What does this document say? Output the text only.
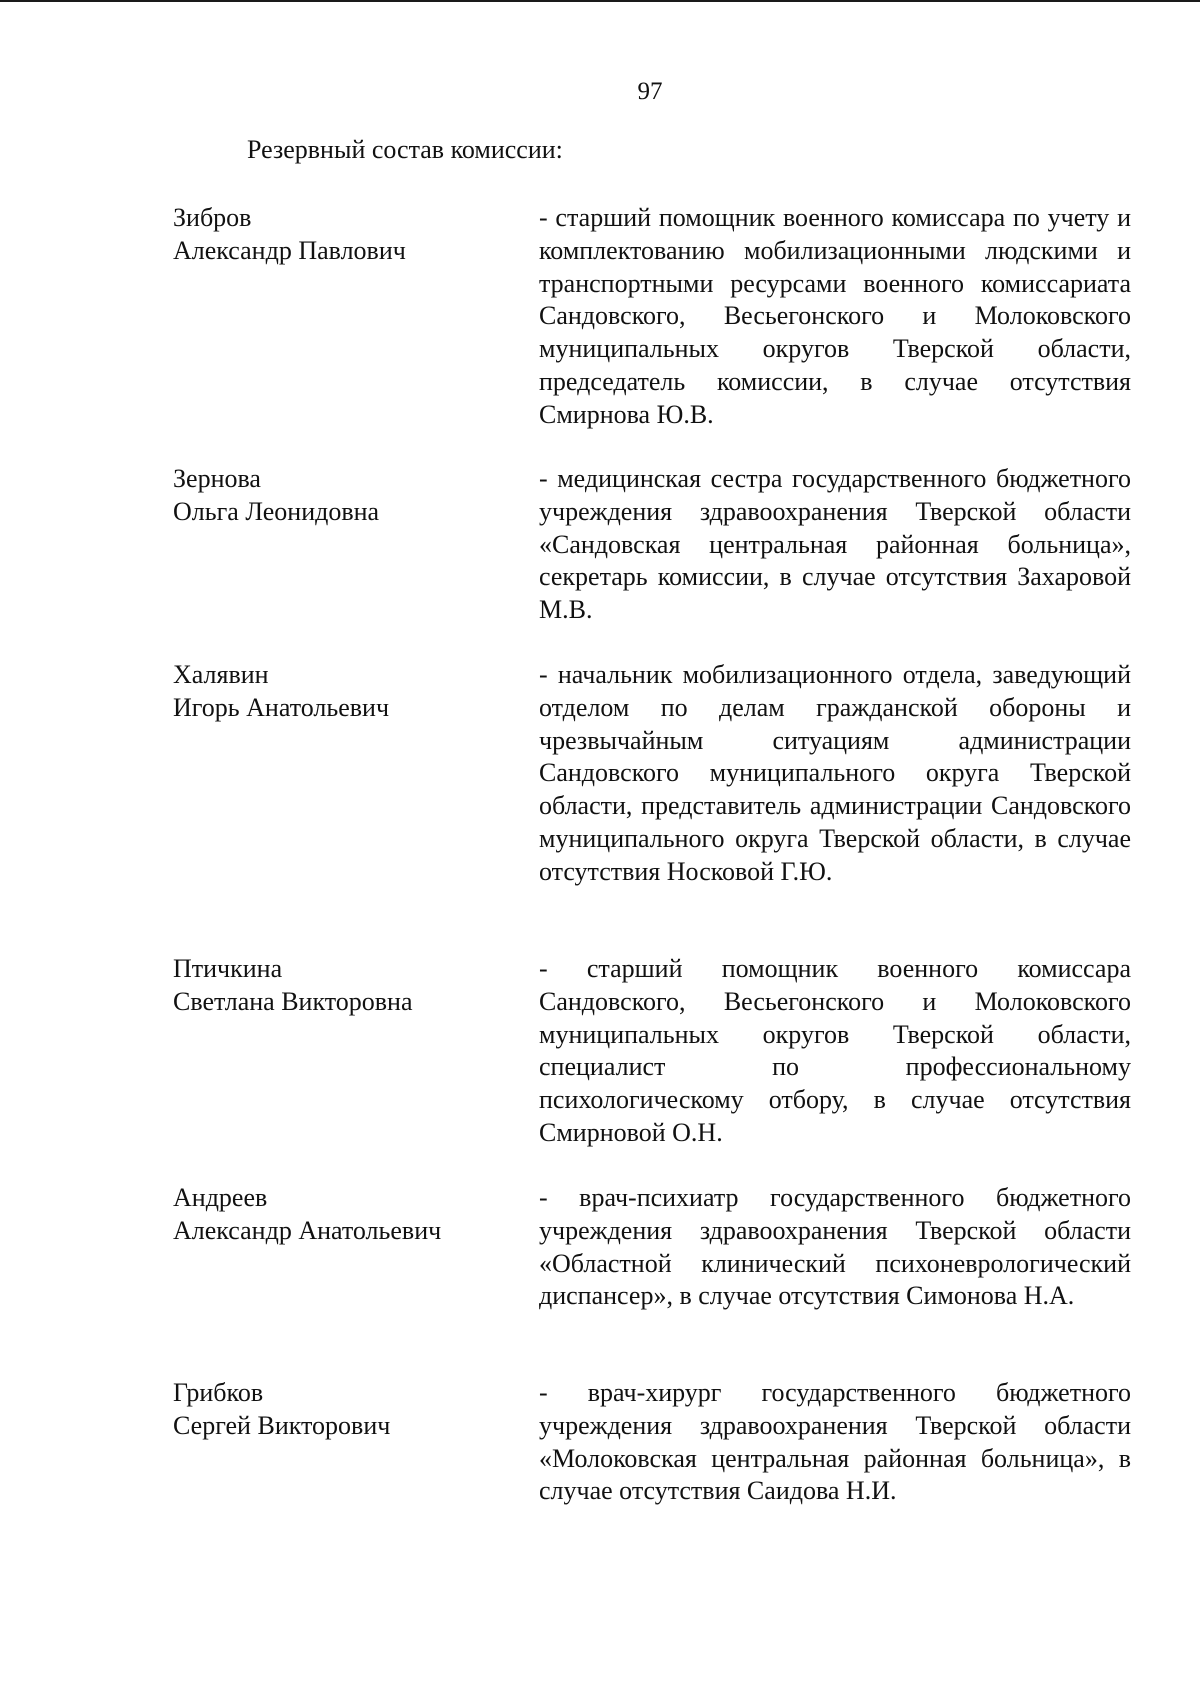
97
Резервный состав комиссии:
Зибров
Александр Павлович
- старший помощник военного комиссара по учету и комплектованию мобилизационными людскими и транспортными ресурсами военного комиссариата Сандовского, Весьегонского и Молоковского муниципальных округов Тверской области, председатель комиссии, в случае отсутствия Смирнова Ю.В.
Зернова
Ольга Леонидовна
- медицинская сестра государственного бюджетного учреждения здравоохранения Тверской области «Сандовская центральная районная больница», секретарь комиссии, в случае отсутствия Захаровой М.В.
Халявин
Игорь Анатольевич
- начальник мобилизационного отдела, заведующий отделом по делам гражданской обороны и чрезвычайным ситуациям администрации Сандовского муниципального округа Тверской области, представитель администрации Сандовского муниципального округа Тверской области, в случае отсутствия Носковой Г.Ю.
Птичкина
Светлана Викторовна
- старший помощник военного комиссара Сандовского, Весьегонского и Молоковского муниципальных округов Тверской области, специалист по профессиональному психологическому отбору, в случае отсутствия Смирновой О.Н.
Андреев
Александр Анатольевич
- врач-психиатр государственного бюджетного учреждения здравоохранения Тверской области «Областной клинический психоневрологический диспансер», в случае отсутствия Симонова Н.А.
Грибков
Сергей Викторович
- врач-хирург государственного бюджетного учреждения здравоохранения Тверской области «Молоковская центральная районная больница», в случае отсутствия Саидова Н.И.
